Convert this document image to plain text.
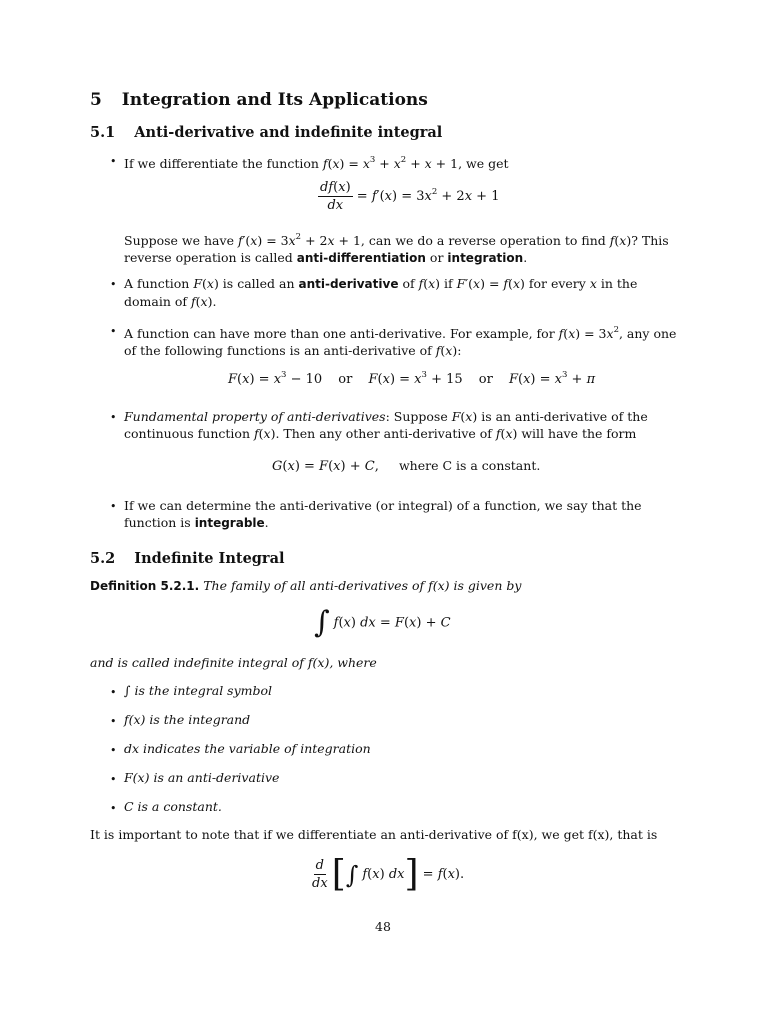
5 Integration and Its Applications
5.1 Anti-derivative and indefinite integral
• If we differentiate the function $f(x) = x^3 + x^2 + x + 1$, we get
$\frac{df(x)}{dx} = f'(x) = 3x^2 + 2x + 1$
Suppose we have $f'(x) = 3x^2 + 2x + 1$, can we do a reverse operation to find f(x)? This reverse operation is called anti-differentiation or integration.
• A function F(x) is called an anti-derivative of f(x) if F′(x) = f(x) for every x in the domain of f(x).
• A function can have more than one anti-derivative. For example, for $f(x) = 3x^2$, any one of the following functions is an anti-derivative of f(x):
$F(x) = x^3 - 10$ or $F(x) = x^3 + 15$ or $F(x) = x^3 + \pi$
• Fundamental property of anti-derivatives: Suppose F(x) is an anti-derivative of the continuous function f(x). Then any other anti-derivative of f(x) will have the form
G(x) = F(x) + C, where C is a constant.
• If we can determine the anti-derivative (or integral) of a function, we say that the function is integrable.
5.2 Indefinite Integral
Definition 5.2.1. The family of all anti-derivatives of f(x) is given by
∫ f(x) dx = F(x) + C
and is called indefinite integral of f(x), where
• ∫ is the integral symbol
• f(x) is the integrand
• dx indicates the variable of integration
• F(x) is an anti-derivative
• C is a constant.
It is important to note that if we differentiate an anti-derivative of f(x), we get f(x), that is
$\frac{d}{dx}$ [∫ f(x) dx] = f(x).
48
